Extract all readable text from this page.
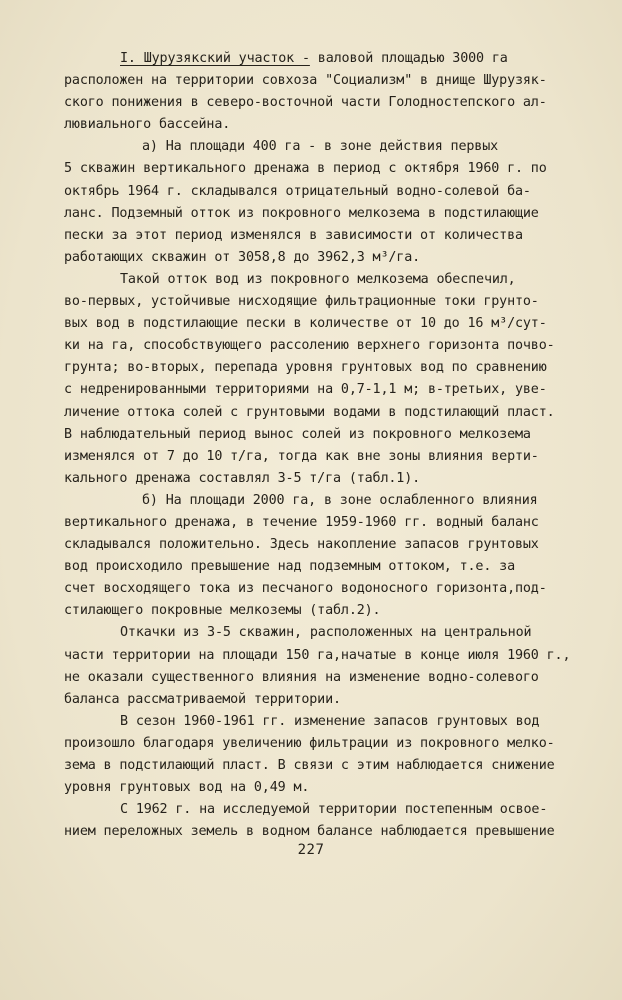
I. Шурузякский участок - валовой площадью 3000 га
расположен на территории совхоза "Социализм" в днище Шурузяк-
ского понижения в северо-восточной части Голодностепского ал-
лювиального бассейна.
а) На площади 400 га - в зоне действия первых
5 скважин вертикального дренажа в период с октября 1960 г. по
октябрь 1964 г. складывался отрицательный водно-солевой ба-
ланс. Подземный отток из покровного мелкозема в подстилающие
пески за этот период изменялся в зависимости от количества
работающих скважин от 3058,8 до 3962,3 м³/га.
Такой отток вод из покровного мелкозема обеспечил,
во-первых, устойчивые нисходящие фильтрационные токи грунто-
вых вод в подстилающие пески в количестве от 10 до 16 м³/сут-
ки на га, способствующего рассолению верхнего горизонта почво-
грунта; во-вторых, перепада уровня грунтовых вод по сравнению
с недренированными территориями на 0,7-1,1 м; в-третьих, уве-
личение оттока солей с грунтовыми водами в подстилающий пласт.
В наблюдательный период вынос солей из покровного мелкозема
изменялся от 7 до 10 т/га, тогда как вне зоны влияния верти-
кального дренажа составлял 3-5 т/га (табл.1).
б) На площади 2000 га, в зоне ослабленного влияния
вертикального дренажа, в течение 1959-1960 гг. водный баланс
складывался положительно. Здесь накопление запасов грунтовых
вод происходило превышение над подземным оттоком, т.е. за
счет восходящего тока из песчаного водоносного горизонта,под-
стилающего покровные мелкоземы (табл.2).
Откачки из 3-5 скважин, расположенных на центральной
части территории на площади 150 га,начатые в конце июля 1960 г.,
не оказали существенного влияния на изменение водно-солевого
баланса рассматриваемой территории.
В сезон 1960-1961 гг. изменение запасов грунтовых вод
произошло благодаря увеличению фильтрации из покровного мелко-
зема в подстилающий пласт. В связи с этим наблюдается снижение
уровня грунтовых вод на 0,49 м.
С 1962 г. на исследуемой территории постепенным освое-
нием переложных земель в водном балансе наблюдается превышение
227
